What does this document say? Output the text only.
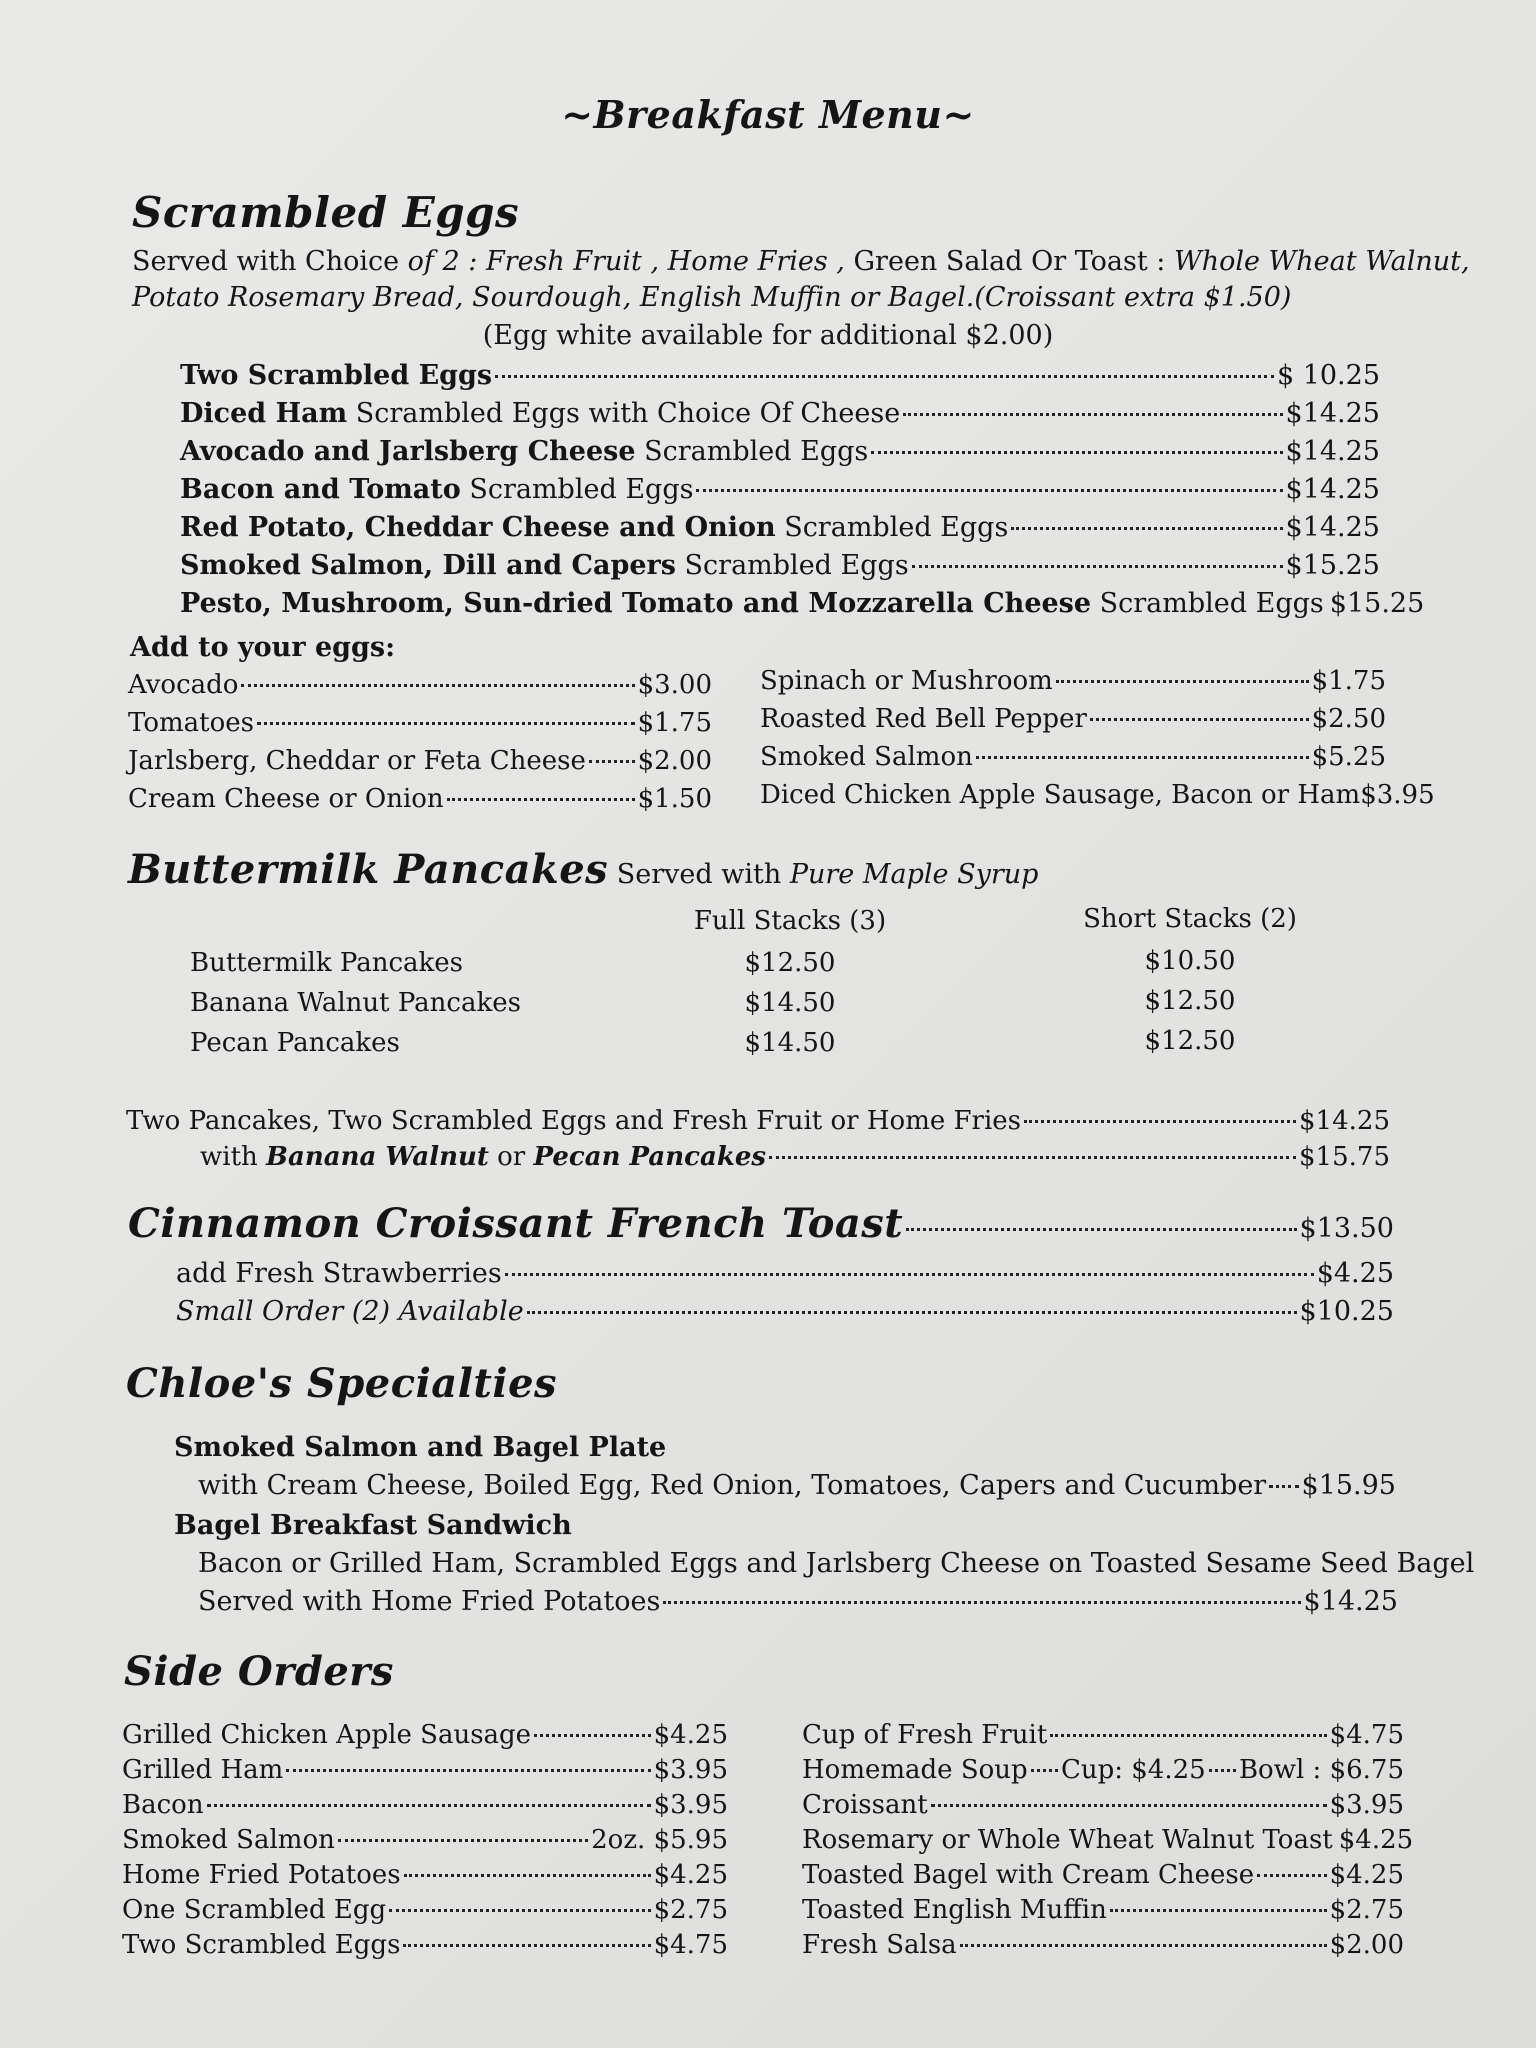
~Breakfast Menu~
Scrambled Eggs
Served with Choice of 2 : Fresh Fruit , Home Fries , Green Salad Or Toast : Whole Wheat Walnut,
Potato Rosemary Bread, Sourdough, English Muffin or Bagel.(Croissant extra $1.50)
(Egg white available for additional $2.00)
Two Scrambled Eggs	$ 10.25
Diced Ham Scrambled Eggs with Choice Of Cheese	$14.25
Avocado and Jarlsberg Cheese Scrambled Eggs	$14.25
Bacon and Tomato Scrambled Eggs	$14.25
Red Potato, Cheddar Cheese and Onion Scrambled Eggs	$14.25
Smoked Salmon, Dill and Capers Scrambled Eggs	$15.25
Pesto, Mushroom, Sun-dried Tomato and Mozzarella Cheese Scrambled Eggs $15.25
Add to your eggs:
Avocado	$3.00
Tomatoes	$1.75
Jarlsberg, Cheddar or Feta Cheese $2.00
Cream Cheese or Onion	$1.50
Spinach or Mushroom	$1.75
Roasted Red Bell Pepper	$2.50
Smoked Salmon	$5.25
Diced Chicken Apple Sausage, Bacon or Ham $3.95
Buttermilk Pancakes Served with Pure Maple Syrup
Full Stacks (3)	Short Stacks (2)
Buttermilk Pancakes	$12.50	$10.50
Banana Walnut Pancakes	$14.50	$12.50
Pecan Pancakes	$14.50	$12.50
Two Pancakes, Two Scrambled Eggs and Fresh Fruit or Home Fries	$14.25
with Banana Walnut or Pecan Pancakes	$15.75
Cinnamon Croissant French Toast	$13.50
add Fresh Strawberries	$4.25
Small Order (2) Available	$10.25
Chloe's Specialties
Smoked Salmon and Bagel Plate
with Cream Cheese, Boiled Egg, Red Onion, Tomatoes, Capers and Cucumber $15.95
Bagel Breakfast Sandwich
Bacon or Grilled Ham, Scrambled Eggs and Jarlsberg Cheese on Toasted Sesame Seed Bagel
Served with Home Fried Potatoes	$14.25
Side Orders
Grilled Chicken Apple Sausage	$4.25
Grilled Ham	$3.95
Bacon	$3.95
Smoked Salmon	2oz. $5.95
Home Fried Potatoes	$4.25
One Scrambled Egg	$2.75
Two Scrambled Eggs	$4.75
Cup of Fresh Fruit	$4.75
Homemade Soup Cup: $4.25 Bowl : $6.75
Croissant	$3.95
Rosemary or Whole Wheat Walnut Toast $4.25
Toasted Bagel with Cream Cheese	$4.25
Toasted English Muffin	$2.75
Fresh Salsa	$2.00
